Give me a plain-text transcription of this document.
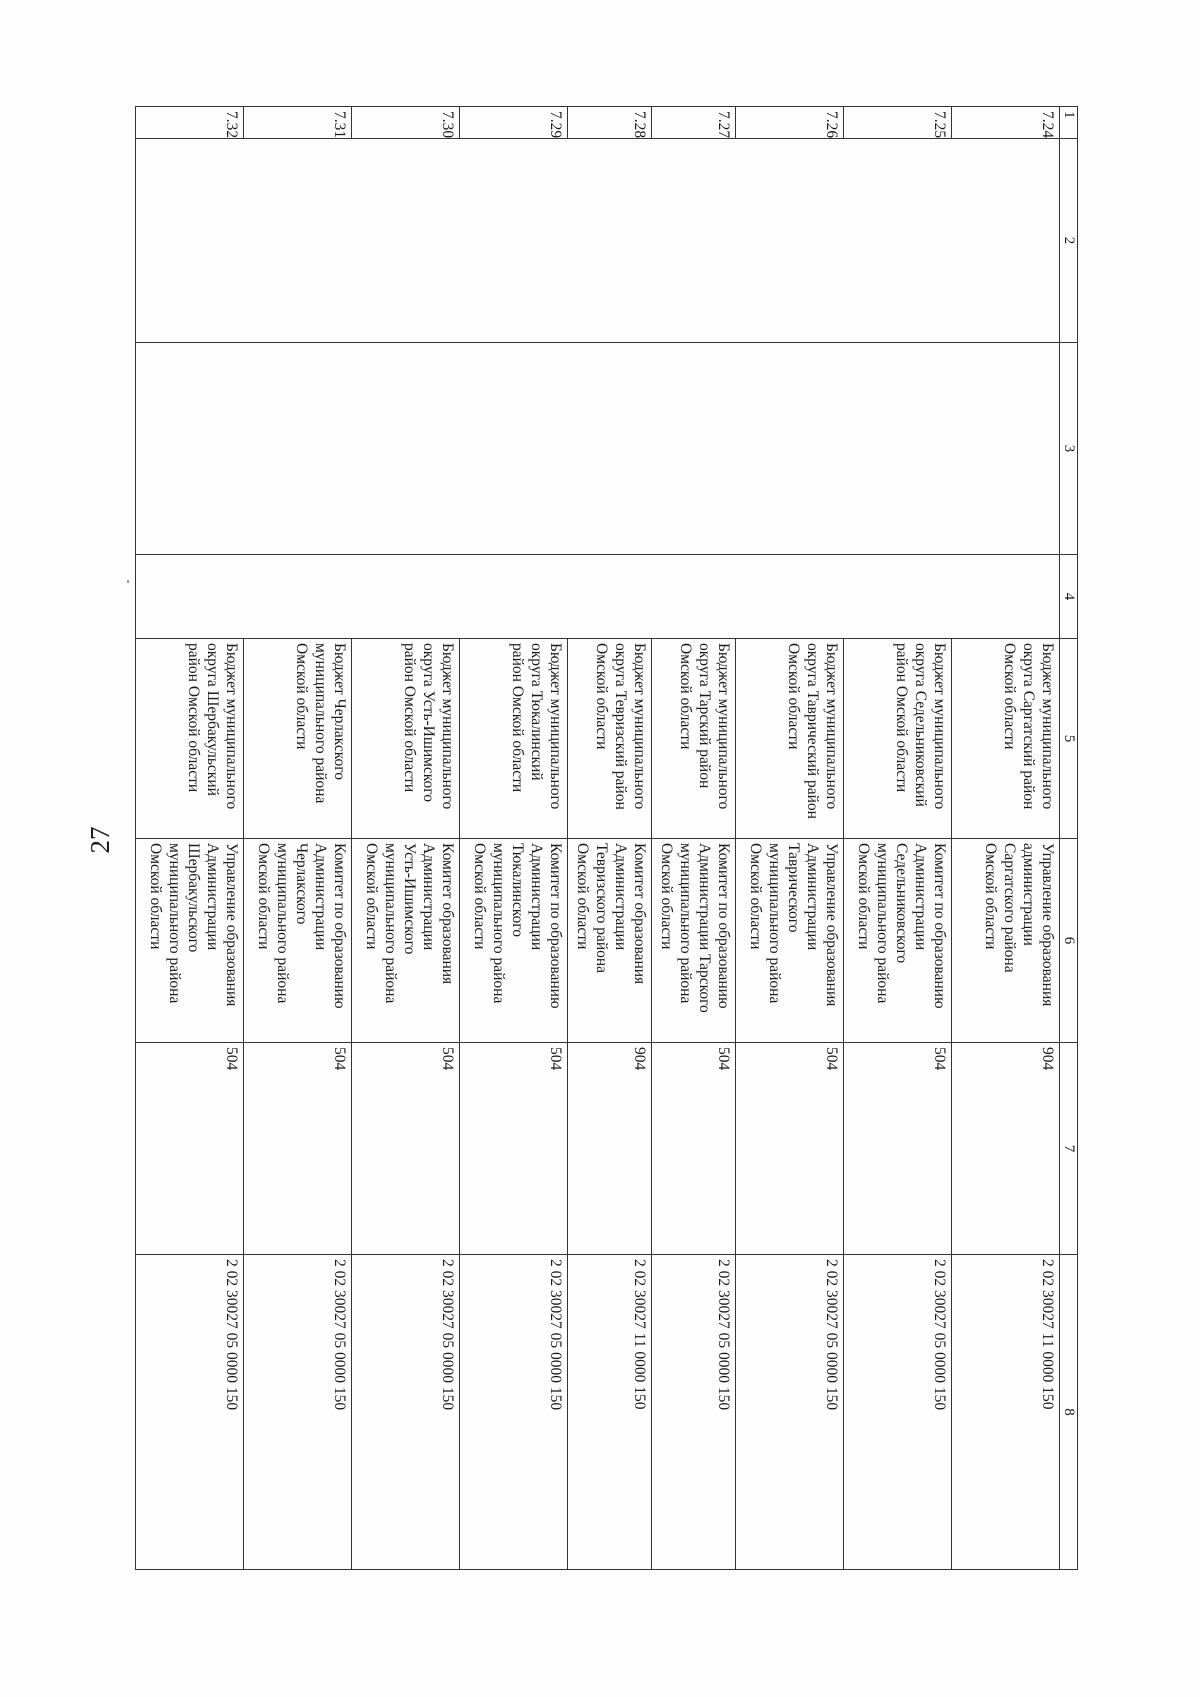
27
1	2	3	4	5	6	7	8
7.24				Бюджет муниципального
округа Саргатский район
Омской области	Управление образования
администрации
Саргатского района
Омской области	904	2 02 30027 11 0000 150
7.25				Бюджет муниципального
округа Седельниковский
район Омской области	Комитет по образованию
Администрации
Седельниковского
муниципального района
Омской области	504	2 02 30027 05 0000 150
7.26				Бюджет муниципального
округа Таврический район
Омской области	Управление образования
Администрации
Таврического
муниципального района
Омской области	504	2 02 30027 05 0000 150
7.27				Бюджет муниципального
округа Тарский район
Омской области	Комитет по образованию
Администрации Тарского
муниципального района
Омской области	504	2 02 30027 05 0000 150
7.28				Бюджет муниципального
округа Тевризский район
Омской области	Комитет образования
Администрации
Тевризского района
Омской области	904	2 02 30027 11 0000 150
7.29				Бюджет муниципального
округа Тюкалинский
район Омской области	Комитет по образованию
Администрации
Тюкалинского
муниципального района
Омской области	504	2 02 30027 05 0000 150
7.30				Бюджет муниципального
округа Усть-Ишимского
район Омской области	Комитет образования
Администрации
Усть-Ишимского
муниципального района
Омской области	504	2 02 30027 05 0000 150
7.31				Бюджет Черлакского
муниципального района
Омской области	Комитет по образованию
Администрации
Черлакского
муниципального района
Омской области	504	2 02 30027 05 0000 150
7.32				Бюджет муниципального
округа Шербакульский
район Омской области	Управление образования
Администрации
Шербакульского
муниципального района
Омской области	504	2 02 30027 05 0000 150
